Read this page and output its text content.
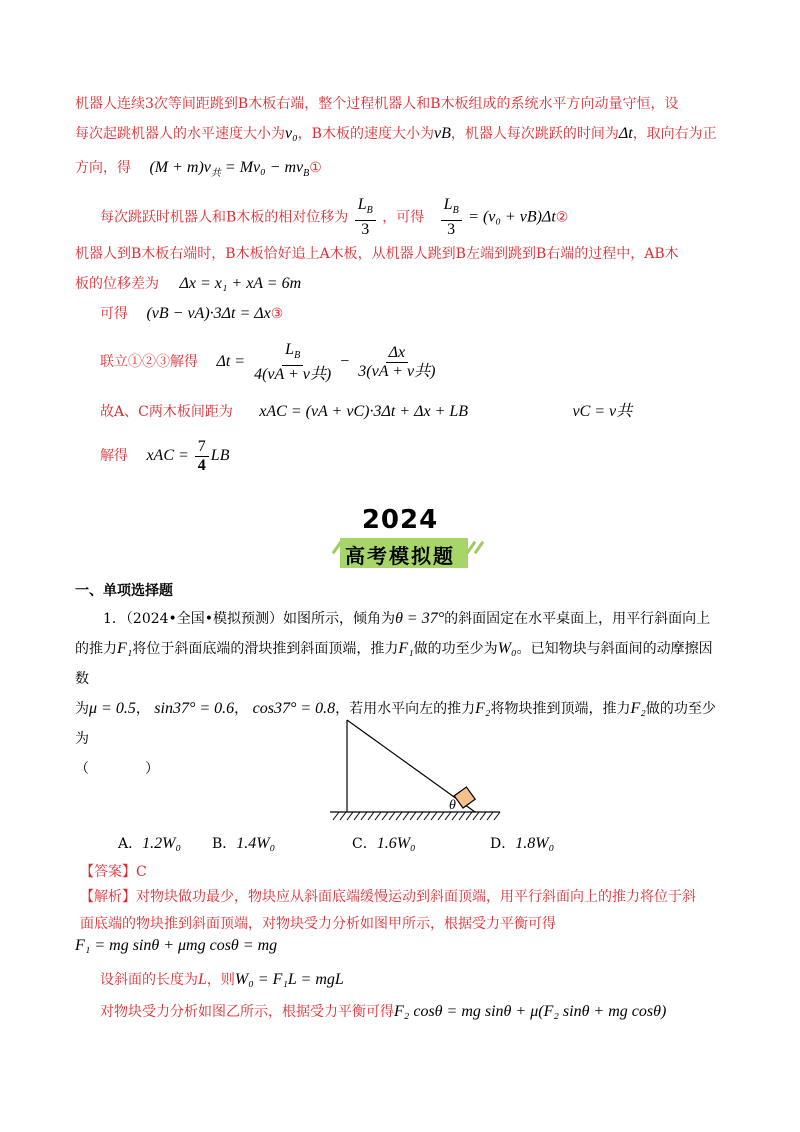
机器人连续3次等间距跳到B木板右端，整个过程机器人和B木板组成的系统水平方向动量守恒，设
每次起跳机器人的水平速度大小为v₀，B木板的速度大小为vB，机器人每次跳跃的时间为Δt，取向右为正
方向，得 $(M + m)v_共 = Mv_0$ − $mv_B①$
每次跳跃时机器人和B木板的相对位移为 $\frac{L_B}{3}$ ，可得 $\frac{L_B}{3} = (v_0$ + vB)Δt②
机器人到B木板右端时，B木板恰好追上A木板，从机器人跳到B左端到跳到B右端的过程中，AB木
板的位移差为 Δx = x₁ + xA = 6m
可得 (vB − vA)·3Δt = Δx③
联立①②③解得 $\Delta t = \frac{L_B}{\text{4(vA + v共)}} - \frac{\Delta x}{\text{3(vA + v共)}}$
故A、C两木板间距为 xAC = (vA + vC)·3Δt + Δx + LB	vC = v共
解得 xAC = $\frac{7}{4}$ LB
2024
高考模拟题
一、单项选择题
1．（2024•全国•模拟预测）如图所示，倾角为θ = 37°的斜面固定在水平桌面上，用平行斜面向上
的推力F₁将位于斜面底端的滑块推到斜面顶端，推力F₁做的功至少为W₀。已知物块与斜面间的动摩擦因数
为μ = 0.5， sin37° = 0.6， cos37° = 0.8，若用水平向左的推力F₂将物块推到顶端，推力F₂做的功至少为
（　　　　）
θ
A．1.2W₀ B．1.4W₀	C．1.6W₀	D．1.8W₀
【答案】C
【解析】对物块做功最少，物块应从斜面底端缓慢运动到斜面顶端，用平行斜面向上的推力将位于斜
面底端的物块推到斜面顶端，对物块受力分析如图甲所示，根据受力平衡可得
F₁ = mg sinθ + μmg cosθ = mg
设斜面的长度为L，则W₀ = F₁L = mgL
对物块受力分析如图乙所示，根据受力平衡可得F₂ cosθ = mg sinθ + μ(F₂ sinθ + mg cosθ)
